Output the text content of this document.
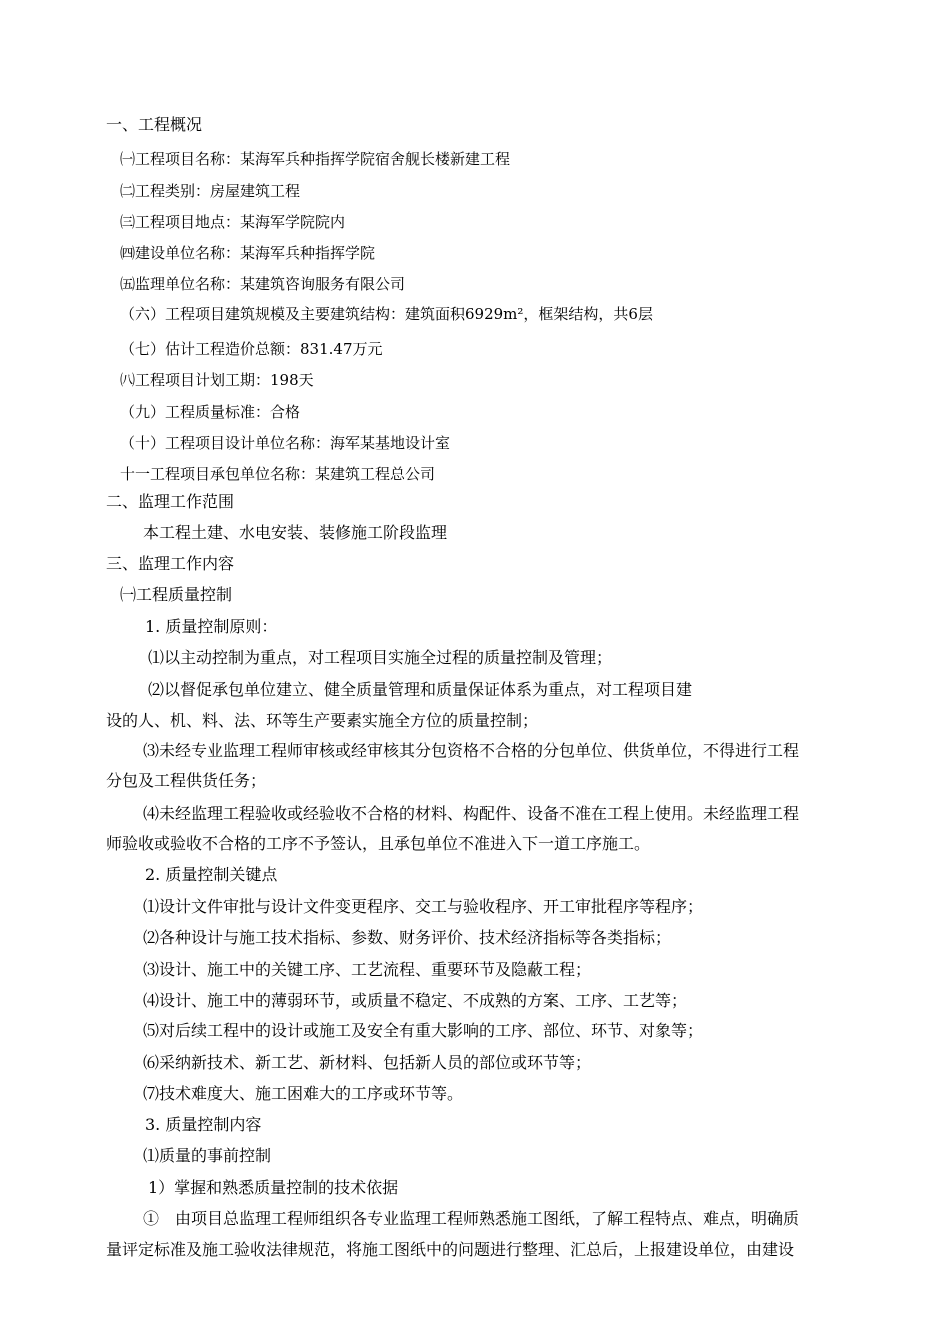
一、工程概况
㈠工程项目名称：某海军兵种指挥学院宿舍舰长楼新建工程
㈡工程类别：房屋建筑工程
㈢工程项目地点：某海军学院院内
㈣建设单位名称：某海军兵种指挥学院
㈤监理单位名称：某建筑咨询服务有限公司
（六）工程项目建筑规模及主要建筑结构：建筑面积6929m²，框架结构，共6层
（七）估计工程造价总额：831.47万元
㈧工程项目计划工期：198天
（九）工程质量标准：合格
（十）工程项目设计单位名称：海军某基地设计室
十一工程项目承包单位名称：某建筑工程总公司
二、监理工作范围
本工程土建、水电安装、装修施工阶段监理
三、监理工作内容
㈠工程质量控制
1. 质量控制原则：
⑴以主动控制为重点，对工程项目实施全过程的质量控制及管理；
⑵以督促承包单位建立、健全质量管理和质量保证体系为重点，对工程项目建
设的人、机、料、法、环等生产要素实施全方位的质量控制；
⑶未经专业监理工程师审核或经审核其分包资格不合格的分包单位、供货单位，不得进行工程
分包及工程供货任务；
⑷未经监理工程验收或经验收不合格的材料、构配件、设备不准在工程上使用。未经监理工程
师验收或验收不合格的工序不予签认，且承包单位不准进入下一道工序施工。
2. 质量控制关键点
⑴设计文件审批与设计文件变更程序、交工与验收程序、开工审批程序等程序；
⑵各种设计与施工技术指标、参数、财务评价、技术经济指标等各类指标；
⑶设计、施工中的关键工序、工艺流程、重要环节及隐蔽工程；
⑷设计、施工中的薄弱环节，或质量不稳定、不成熟的方案、工序、工艺等；
⑸对后续工程中的设计或施工及安全有重大影响的工序、部位、环节、对象等；
⑹采纳新技术、新工艺、新材料、包括新人员的部位或环节等；
⑺技术难度大、施工困难大的工序或环节等。
3. 质量控制内容
⑴质量的事前控制
1）掌握和熟悉质量控制的技术依据
①　由项目总监理工程师组织各专业监理工程师熟悉施工图纸，了解工程特点、难点，明确质
量评定标准及施工验收法律规范，将施工图纸中的问题进行整理、汇总后，上报建设单位，由建设
